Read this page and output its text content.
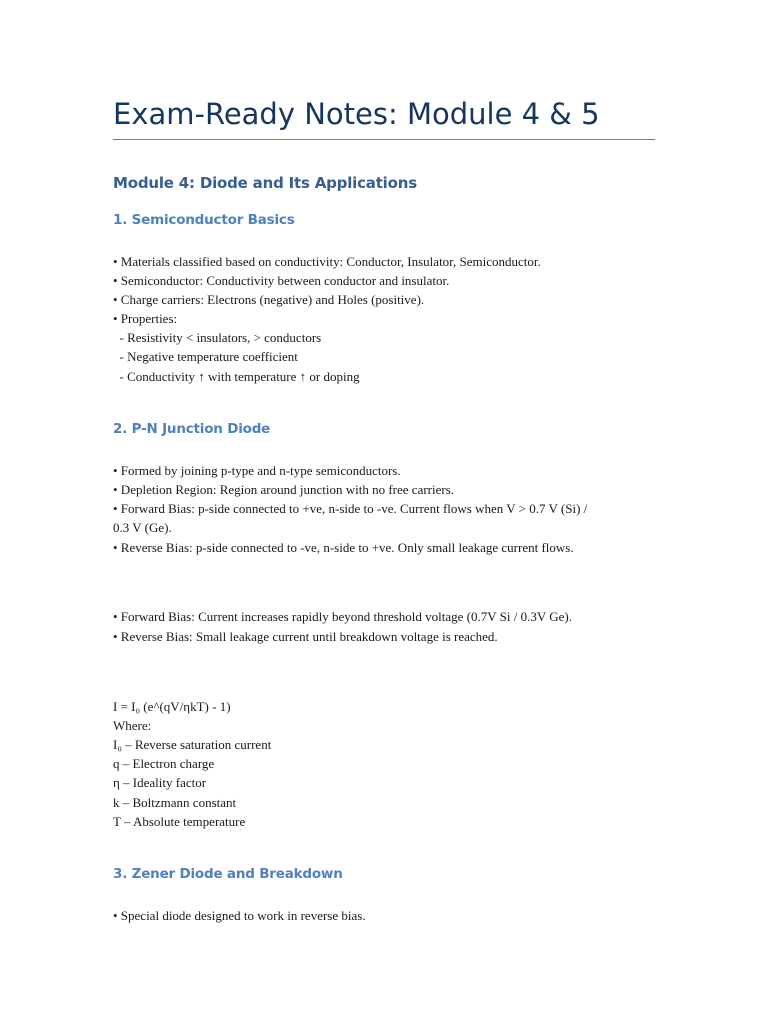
Exam-Ready Notes: Module 4 & 5
Module 4: Diode and Its Applications
1. Semiconductor Basics
• Materials classified based on conductivity: Conductor, Insulator, Semiconductor.
• Semiconductor: Conductivity between conductor and insulator.
• Charge carriers: Electrons (negative) and Holes (positive).
• Properties:
- Resistivity < insulators, > conductors
- Negative temperature coefficient
- Conductivity ↑ with temperature ↑ or doping
2. P-N Junction Diode
• Formed by joining p-type and n-type semiconductors.
• Depletion Region: Region around junction with no free carriers.
• Forward Bias: p-side connected to +ve, n-side to -ve. Current flows when V > 0.7 V (Si) /
0.3 V (Ge).
• Reverse Bias: p-side connected to -ve, n-side to +ve. Only small leakage current flows.
• Forward Bias: Current increases rapidly beyond threshold voltage (0.7V Si / 0.3V Ge).
• Reverse Bias: Small leakage current until breakdown voltage is reached.
I = I₀ (e^(qV/ηkT) - 1)
Where:
I₀ – Reverse saturation current
q – Electron charge
η – Ideality factor
k – Boltzmann constant
T – Absolute temperature
3. Zener Diode and Breakdown
• Special diode designed to work in reverse bias.
